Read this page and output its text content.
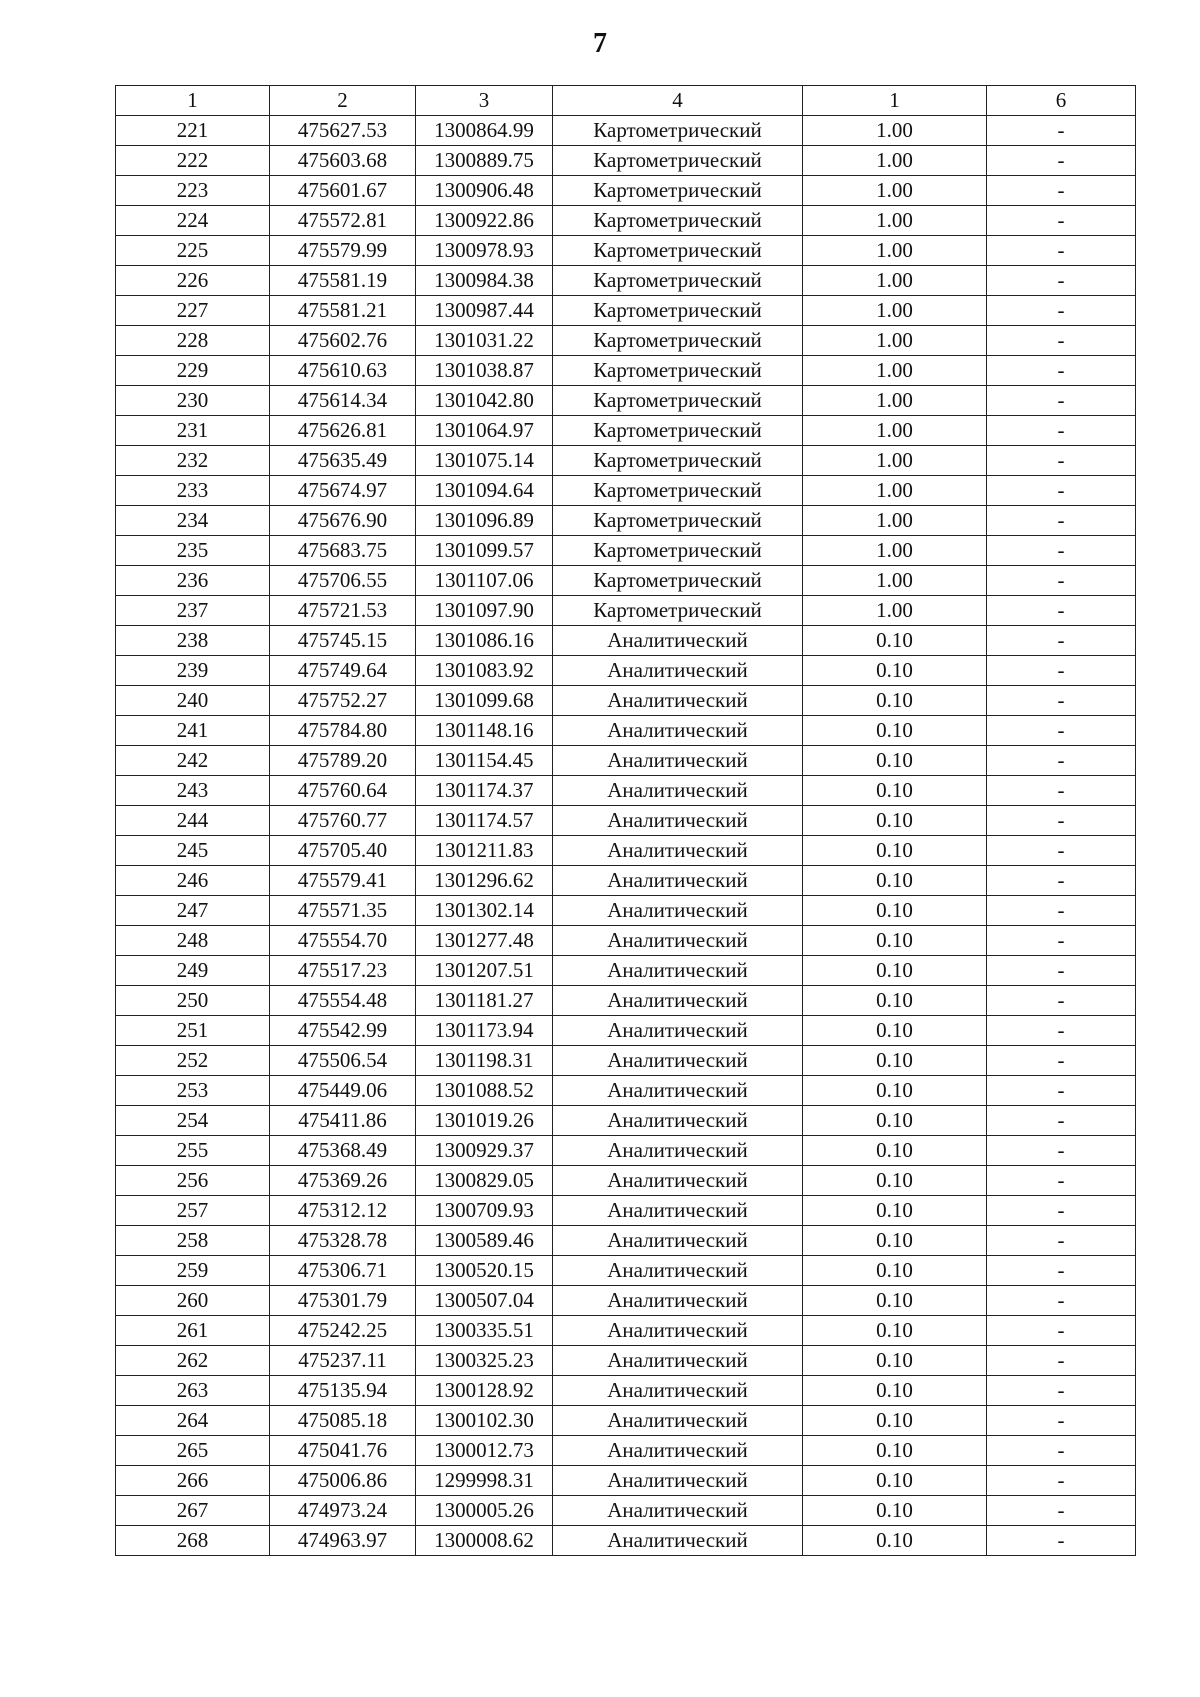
7
1	2	3	4	1	6
221	475627.53	1300864.99	Картометрический	1.00	-
222	475603.68	1300889.75	Картометрический	1.00	-
223	475601.67	1300906.48	Картометрический	1.00	-
224	475572.81	1300922.86	Картометрический	1.00	-
225	475579.99	1300978.93	Картометрический	1.00	-
226	475581.19	1300984.38	Картометрический	1.00	-
227	475581.21	1300987.44	Картометрический	1.00	-
228	475602.76	1301031.22	Картометрический	1.00	-
229	475610.63	1301038.87	Картометрический	1.00	-
230	475614.34	1301042.80	Картометрический	1.00	-
231	475626.81	1301064.97	Картометрический	1.00	-
232	475635.49	1301075.14	Картометрический	1.00	-
233	475674.97	1301094.64	Картометрический	1.00	-
234	475676.90	1301096.89	Картометрический	1.00	-
235	475683.75	1301099.57	Картометрический	1.00	-
236	475706.55	1301107.06	Картометрический	1.00	-
237	475721.53	1301097.90	Картометрический	1.00	-
238	475745.15	1301086.16	Аналитический	0.10	-
239	475749.64	1301083.92	Аналитический	0.10	-
240	475752.27	1301099.68	Аналитический	0.10	-
241	475784.80	1301148.16	Аналитический	0.10	-
242	475789.20	1301154.45	Аналитический	0.10	-
243	475760.64	1301174.37	Аналитический	0.10	-
244	475760.77	1301174.57	Аналитический	0.10	-
245	475705.40	1301211.83	Аналитический	0.10	-
246	475579.41	1301296.62	Аналитический	0.10	-
247	475571.35	1301302.14	Аналитический	0.10	-
248	475554.70	1301277.48	Аналитический	0.10	-
249	475517.23	1301207.51	Аналитический	0.10	-
250	475554.48	1301181.27	Аналитический	0.10	-
251	475542.99	1301173.94	Аналитический	0.10	-
252	475506.54	1301198.31	Аналитический	0.10	-
253	475449.06	1301088.52	Аналитический	0.10	-
254	475411.86	1301019.26	Аналитический	0.10	-
255	475368.49	1300929.37	Аналитический	0.10	-
256	475369.26	1300829.05	Аналитический	0.10	-
257	475312.12	1300709.93	Аналитический	0.10	-
258	475328.78	1300589.46	Аналитический	0.10	-
259	475306.71	1300520.15	Аналитический	0.10	-
260	475301.79	1300507.04	Аналитический	0.10	-
261	475242.25	1300335.51	Аналитический	0.10	-
262	475237.11	1300325.23	Аналитический	0.10	-
263	475135.94	1300128.92	Аналитический	0.10	-
264	475085.18	1300102.30	Аналитический	0.10	-
265	475041.76	1300012.73	Аналитический	0.10	-
266	475006.86	1299998.31	Аналитический	0.10	-
267	474973.24	1300005.26	Аналитический	0.10	-
268	474963.97	1300008.62	Аналитический	0.10	-
